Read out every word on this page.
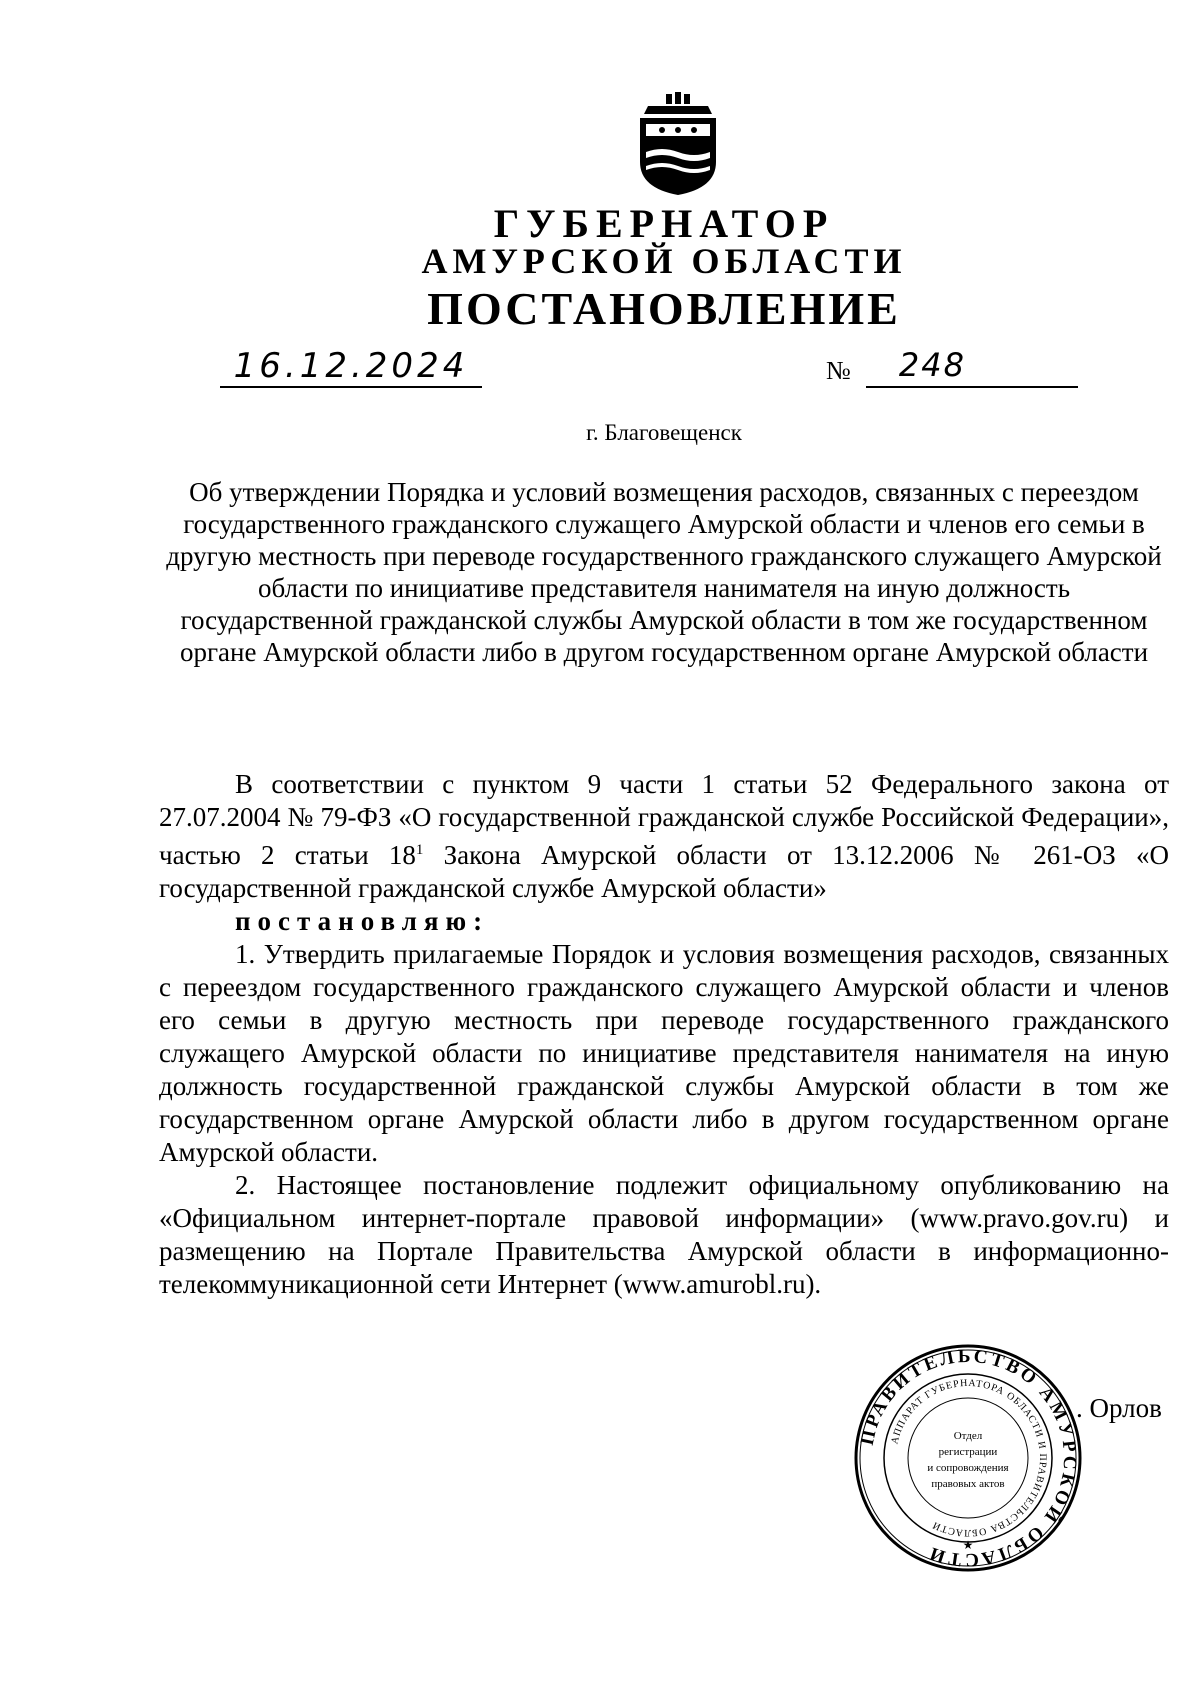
ГУБЕРНАТОР
АМУРСКОЙ ОБЛАСТИ
ПОСТАНОВЛЕНИЕ
16.12.2024	№	248
г. Благовещенск
Об утверждении Порядка и условий возмещения расходов, связанных с переездом государственного гражданского служащего Амурской области и членов его семьи в другую местность при переводе государственного гражданского служащего Амурской области по инициативе представителя нанимателя на иную должность государственной гражданской службы Амурской области в том же государственном органе Амурской области либо в другом государственном органе Амурской области

В соответствии с пунктом 9 части 1 статьи 52 Федерального закона от 27.07.2004 № 79-ФЗ «О государственной гражданской службе Российской Федерации», частью 2 статьи $18^1$ Закона Амурской области от 13.12.2006 № 261-ОЗ «О государственной гражданской службе Амурской области»

постановляю:

1. Утвердить прилагаемые Порядок и условия возмещения расходов, связанных с переездом государственного гражданского служащего Амурской области и членов его семьи в другую местность при переводе государственного гражданского служащего Амурской области по инициативе представителя нанимателя на иную должность государственной гражданской службы Амурской области в том же государственном органе Амурской области либо в другом государственном органе Амурской области.

2. Настоящее постановление подлежит официальному опубликованию на «Официальном интернет-портале правовой информации» (www.pravo.gov.ru) и размещению на Портале Правительства Амурской области в информационно-телекоммуникационной сети Интернет (www.amurobl.ru).

. Орлов
ПРАВИТЕЛЬСТВО АМУРСКОЙ ОБЛАСТИ
АППАРАТ ГУБЕРНАТОРА ОБЛАСТИ И ПРАВИТЕЛЬСТВА ОБЛАСТИ
Отдел
регистрации
и сопровождения
правовых актов
★
